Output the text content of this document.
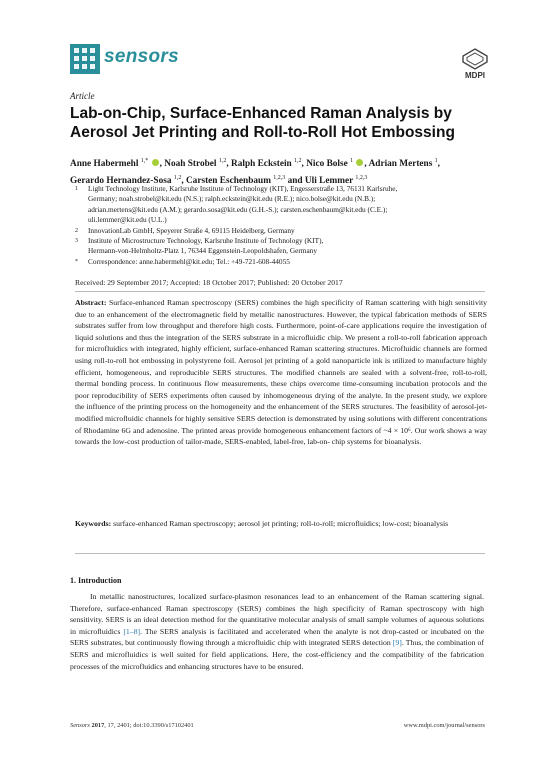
sensors
MDPI
Article
Lab-on-Chip, Surface-Enhanced Raman Analysis by Aerosol Jet Printing and Roll-to-Roll Hot Embossing
Anne Habermehl $^{1,*}$ , Noah Strobel $^{1,2}$, Ralph Eckstein $^{1,2}$, Nico Bolse $^1$ , Adrian Mertens $^1$,
Gerardo Hernandez-Sosa $^{1,2}$, Carsten Eschenbaum $^{1,2,3}$ and Uli Lemmer $^{1,2,3}$
1 Light Technology Institute, Karlsruhe Institute of Technology (KIT), Engesserstraße 13, 76131 Karlsruhe,
Germany; noah.strobel@kit.edu (N.S.); ralph.eckstein@kit.edu (R.E.); nico.bolse@kit.edu (N.B.);
adrian.mertens@kit.edu (A.M.); gerardo.sosa@kit.edu (G.H.-S.); carsten.eschenbaum@kit.edu (C.E.);
uli.lemmer@kit.edu (U.L.)
2 InnovationLab GmbH, Speyerer Straße 4, 69115 Heidelberg, Germany
3 Institute of Microstructure Technology, Karlsruhe Institute of Technology (KIT),
Hermann-von-Helmholtz-Platz 1, 76344 Eggenstein-Leopoldshafen, Germany
* Correspondence: anne.habermehl@kit.edu; Tel.: +49-721-608-44055
Received: 29 September 2017; Accepted: 18 October 2017; Published: 20 October 2017
Abstract: Surface-enhanced Raman spectroscopy (SERS) combines the high specificity of Raman scattering with high sensitivity due to an enhancement of the electromagnetic field by metallic nanostructures. However, the typical fabrication methods of SERS substrates suffer from low throughput and therefore high costs. Furthermore, point-of-care applications require the investigation of liquid solutions and thus the integration of the SERS substrate in a microfluidic chip. We present a roll-to-roll fabrication approach for microfluidics with integrated, highly efficient, surface-enhanced Raman scattering structures. Microfluidic channels are formed using roll-to-roll hot embossing in polystyrene foil. Aerosol jet printing of a gold nanoparticle ink is utilized to manufacture highly efficient, homogeneous, and reproducible SERS structures. The modified channels are sealed with a solvent-free, roll-to-roll, thermal bonding process. In continuous flow measurements, these chips overcome time-consuming incubation protocols and the poor reproducibility of SERS experiments often caused by inhomogeneous drying of the analyte. In the present study, we explore the influence of the printing process on the homogeneity and the enhancement of the SERS structures. The feasibility of aerosol-jet-modified microfluidic channels for highly sensitive SERS detection is demonstrated by using solutions with different concentrations of Rhodamine 6G and adenosine. The printed areas provide homogeneous enhancement factors of ~4 × 10⁶. Our work shows a way towards the low-cost production of tailor-made, SERS-enabled, label-free, lab-on- chip systems for bioanalysis.
Keywords: surface-enhanced Raman spectroscopy; aerosol jet printing; roll-to-roll; microfluidics; low-cost; bioanalysis
1. Introduction
In metallic nanostructures, localized surface-plasmon resonances lead to an enhancement of the Raman scattering signal. Therefore, surface-enhanced Raman spectroscopy (SERS) combines the high specificity of Raman spectroscopy with high sensitivity. SERS is an ideal detection method for the quantitative molecular analysis of small sample volumes of aqueous solutions in microfluidics [1–8]. The SERS analysis is facilitated and accelerated when the analyte is not drop-casted or incubated on the SERS substrates, but continuously flowing through a microfluidic chip with integrated SERS detection [9]. Thus, the combination of SERS and microfluidics is well suited for field applications. Here, the cost-efficiency and the compatibility of the fabrication processes of the microfluidics and enhancing structures have to be ensured.
Sensors 2017, 17, 2401; doi:10.3390/s17102401	www.mdpi.com/journal/sensors
